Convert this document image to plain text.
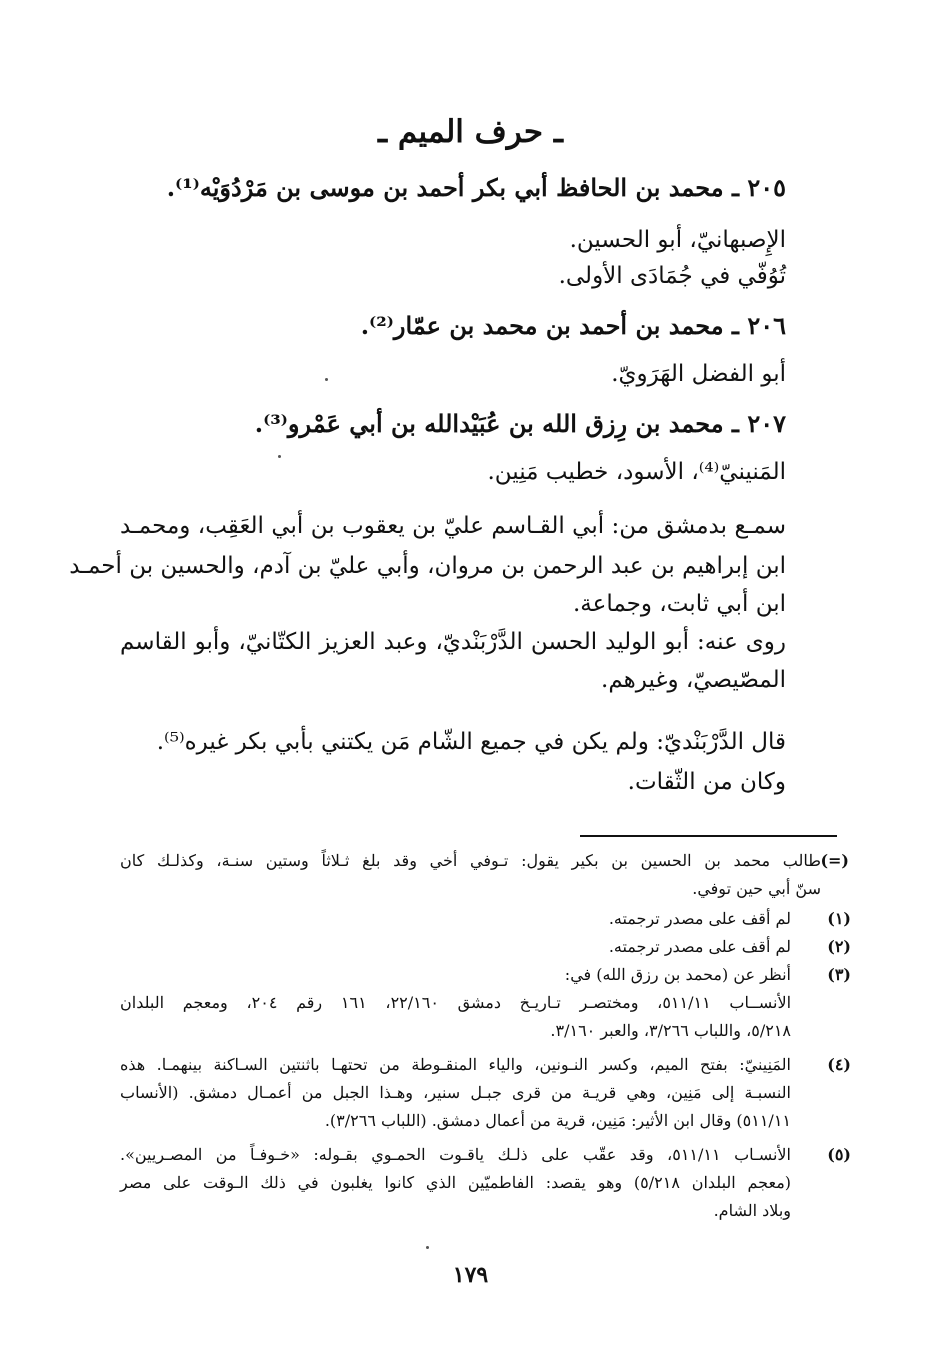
ـ حرف الميم ـ
٢٠٥ ـ محمد بن الحافظ أبي بكر أحمد بن موسى بن مَرْدُوَيْه⁽¹⁾.
الإِصبهانيّ، أبو الحسين.
تُوُفّي في جُمَادَى الأولى.
٢٠٦ ـ محمد بن أحمد بن محمد بن عمّار⁽²⁾.
أبو الفضل الهَرَويّ.
٢٠٧ ـ محمد بن رِزق الله بن عُبَيْدالله بن أبي عَمْرو⁽³⁾.
المَنينيّ⁽⁴⁾، الأسود، خطيب مَنِين.
سمـع بدمشق من: أبي القـاسم عليّ بن يعقوب بن أبي العَقِب، ومحمـد
ابن إبراهيم بن عبد الرحمن بن مروان، وأبي عليّ بن آدم، والحسين بن أحمـد
ابن أبي ثابت، وجماعة.
روى عنه: أبو الوليد الحسن الدَّرْبَنْديّ، وعبد العزيز الكتّانيّ، وأبو القاسم
المصّيصيّ، وغيرهم.
قال الدَّرْبَنْديّ: ولم يكن في جميع الشّام مَن يكتني بأبي بكر غيره⁽⁵⁾.
وكان من الثّقات.
(=)
طالب محمد بن الحسين بن بكير يقول: تـوفي أخي وقد بلغ ثـلاثاً وستين سنـة، وكذلـك كان
سنّ أبي حين توفي.
(١)
لم أقف على مصدر ترجمته.
(٢)
لم أقف على مصدر ترجمته.
(٣)
أنظر عن (محمد بن رزق الله) في:
الأنســاب ٥١١/١١، ومختصـر تـاريـخ دمشق ٢٢/١٦٠، ١٦١ رقم ٢٠٤، ومعجم البلدان
٥/٢١٨، واللباب ٣/٢٦٦، والعبر ٣/١٦٠.
(٤)
المَنِينيّ: بفتح الميم، وكسر النـونين، والياء المنقـوطة من تحتهـا باثنتين السـاكنة بينهمـا. هذه
النسبـة إلى مَنِين، وهي قريـة من قرى جبـل سنير، وهـذا الجبل من أعمـال دمشق. (الأنساب
٥١١/١١) وقال ابن الأثير: مَنِين، قرية من أعمال دمشق. (اللباب ٣/٢٦٦).
(٥)
الأنسـاب ٥١١/١١، وقد عقّب على ذلـك ياقـوت الحمـوي بقـوله: «خـوفـاً من المصـريين».
(معجم البلدان ٥/٢١٨) وهو يقصد: الفاطميّين الذي كانوا يغلبون في ذلك الـوقت على مصر
وبلاد الشام.
١٧٩
